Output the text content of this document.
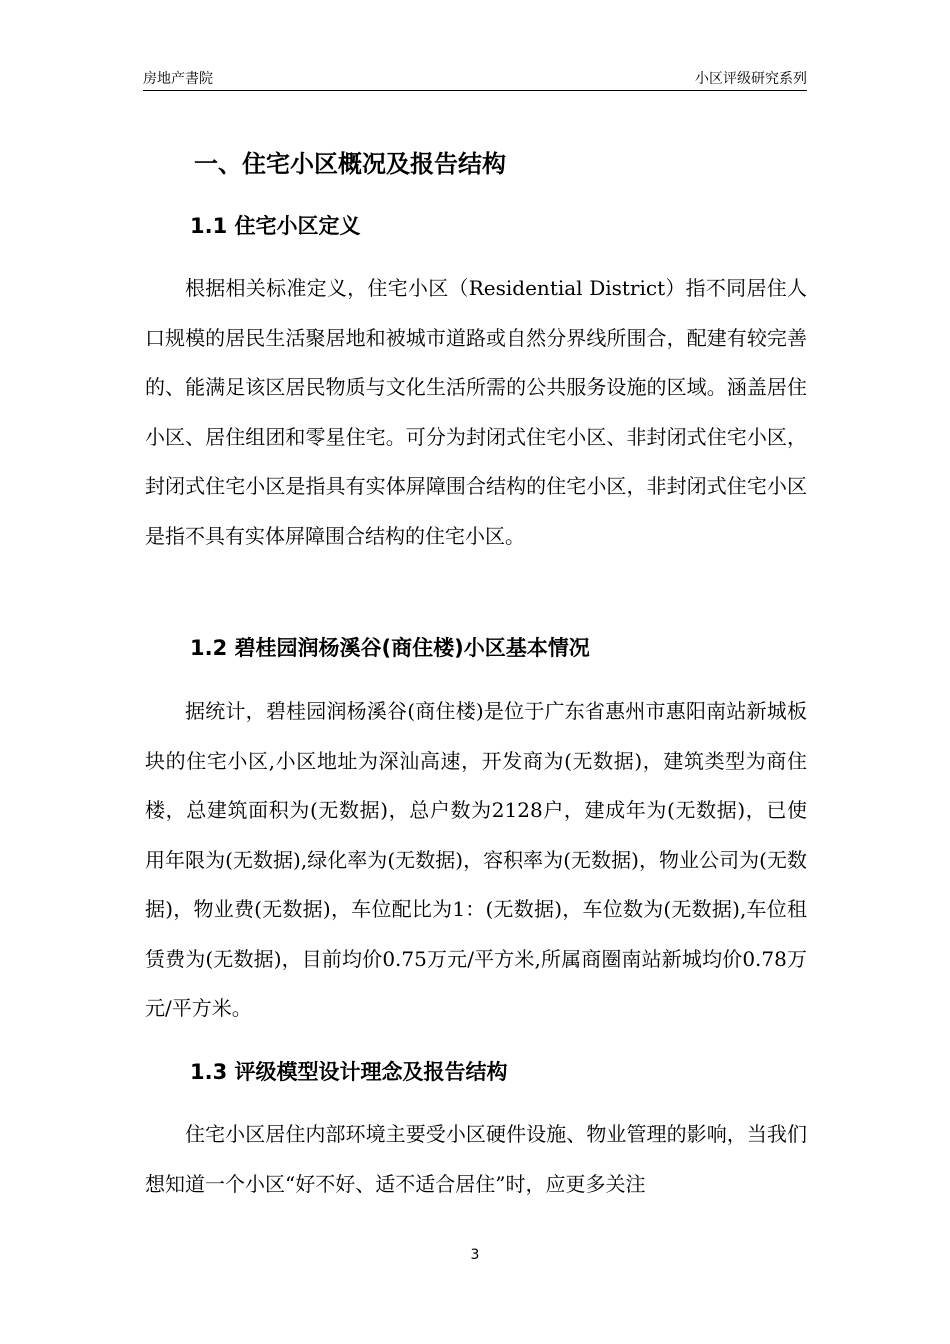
房地产書院	小区评级研究系列
一、住宅小区概况及报告结构
1.1 住宅小区定义

根据相关标准定义，住宅小区（Residential District）指不同居住人口规模的居民生活聚居地和被城市道路或自然分界线所围合，配建有较完善的、能满足该区居民物质与文化生活所需的公共服务设施的区域。涵盖居住小区、居住组团和零星住宅。可分为封闭式住宅小区、非封闭式住宅小区，封闭式住宅小区是指具有实体屏障围合结构的住宅小区，非封闭式住宅小区是指不具有实体屏障围合结构的住宅小区。

1.2 碧桂园润杨溪谷(商住楼)小区基本情况

据统计，碧桂园润杨溪谷(商住楼)是位于广东省惠州市惠阳南站新城板块的住宅小区,小区地址为深汕高速，开发商为(无数据)，建筑类型为商住楼，总建筑面积为(无数据)，总户数为2128户，建成年为(无数据)，已使用年限为(无数据),绿化率为(无数据)，容积率为(无数据)，物业公司为(无数据)，物业费(无数据)，车位配比为1：(无数据)，车位数为(无数据),车位租赁费为(无数据)，目前均价0.75万元/平方米,所属商圈南站新城均价0.78万元/平方米。

1.3 评级模型设计理念及报告结构

住宅小区居住内部环境主要受小区硬件设施、物业管理的影响，当我们想知道一个小区“好不好、适不适合居住”时，应更多关注

3
